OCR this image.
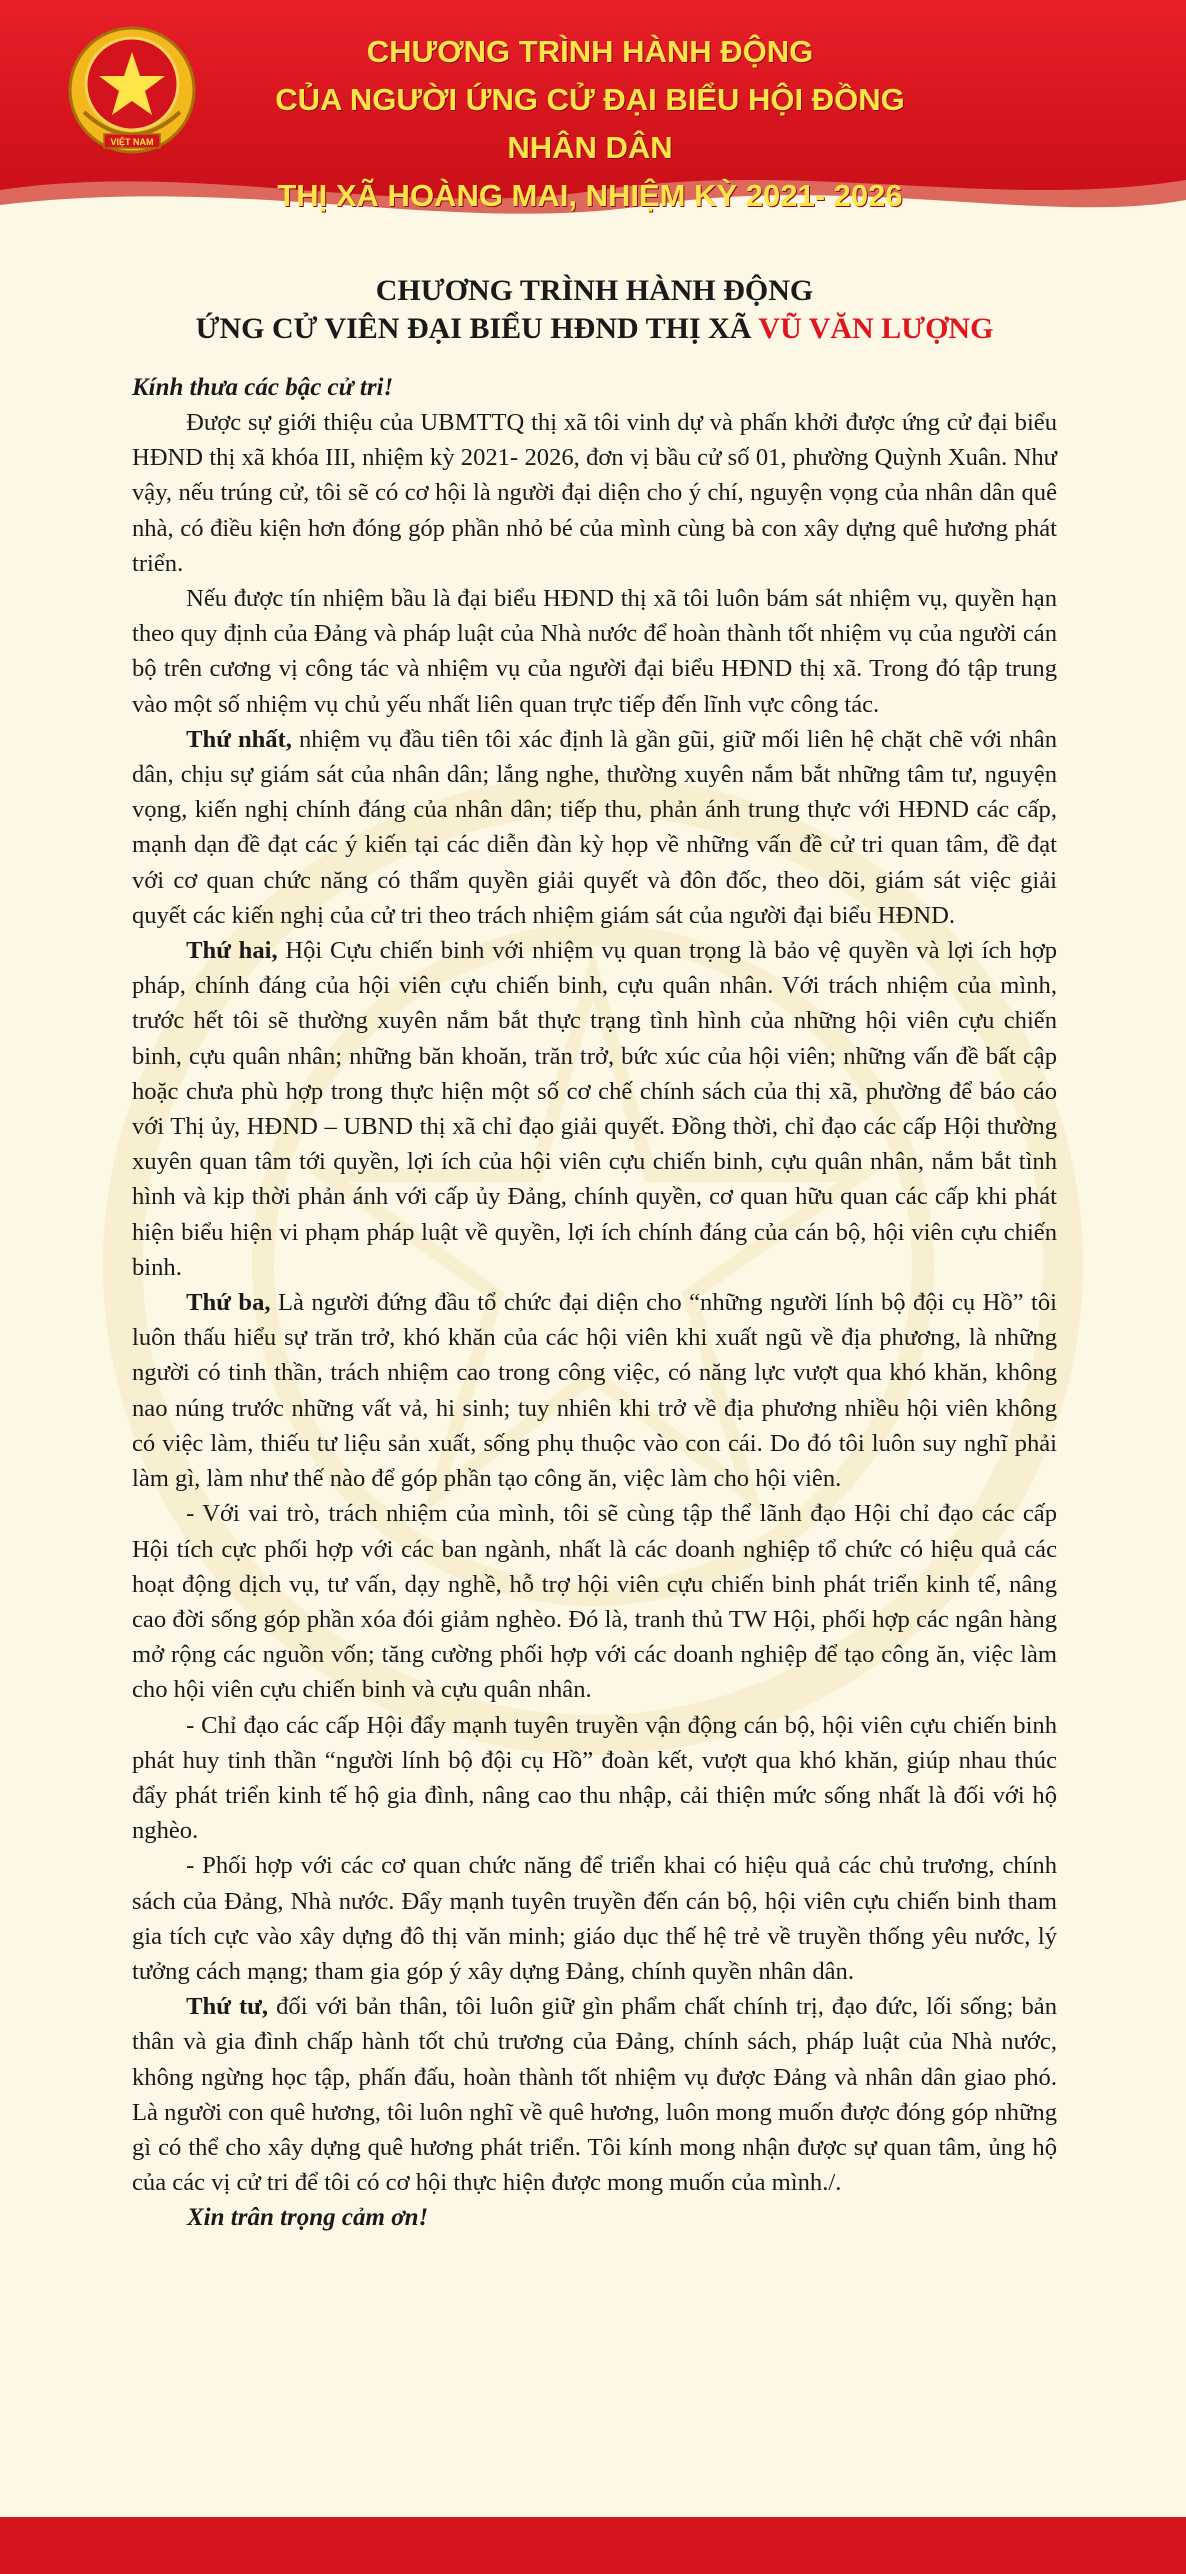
VIỆT NAM
CHƯƠNG TRÌNH HÀNH ĐỘNG
CỦA NGƯỜI ỨNG CỬ ĐẠI BIỂU HỘI ĐỒNG NHÂN DÂN
THỊ XÃ HOÀNG MAI, NHIỆM KỲ 2021- 2026
CHƯƠNG TRÌNH HÀNH ĐỘNG
ỨNG CỬ VIÊN ĐẠI BIỂU HĐND THỊ XÃ VŨ VĂN LƯỢNG

Kính thưa các bậc cử tri!

Được sự giới thiệu của UBMTTQ thị xã tôi vinh dự và phấn khởi được ứng cử đại biểu HĐND thị xã khóa III, nhiệm kỳ 2021- 2026, đơn vị bầu cử số 01, phường Quỳnh Xuân. Như vậy, nếu trúng cử, tôi sẽ có cơ hội là người đại diện cho ý chí, nguyện vọng của nhân dân quê nhà, có điều kiện hơn đóng góp phần nhỏ bé của mình cùng bà con xây dựng quê hương phát triển.

Nếu được tín nhiệm bầu là đại biểu HĐND thị xã tôi luôn bám sát nhiệm vụ, quyền hạn theo quy định của Đảng và pháp luật của Nhà nước để hoàn thành tốt nhiệm vụ của người cán bộ trên cương vị công tác và nhiệm vụ của người đại biểu HĐND thị xã. Trong đó tập trung vào một số nhiệm vụ chủ yếu nhất liên quan trực tiếp đến lĩnh vực công tác.

Thứ nhất, nhiệm vụ đầu tiên tôi xác định là gần gũi, giữ mối liên hệ chặt chẽ với nhân dân, chịu sự giám sát của nhân dân; lắng nghe, thường xuyên nắm bắt những tâm tư, nguyện vọng, kiến nghị chính đáng của nhân dân; tiếp thu, phản ánh trung thực với HĐND các cấp, mạnh dạn đề đạt các ý kiến tại các diễn đàn kỳ họp về những vấn đề cử tri quan tâm, đề đạt với cơ quan chức năng có thẩm quyền giải quyết và đôn đốc, theo dõi, giám sát việc giải quyết các kiến nghị của cử tri theo trách nhiệm giám sát của người đại biểu HĐND.

Thứ hai, Hội Cựu chiến binh với nhiệm vụ quan trọng là bảo vệ quyền và lợi ích hợp pháp, chính đáng của hội viên cựu chiến binh, cựu quân nhân. Với trách nhiệm của mình, trước hết tôi sẽ thường xuyên nắm bắt thực trạng tình hình của những hội viên cựu chiến binh, cựu quân nhân; những băn khoăn, trăn trở, bức xúc của hội viên; những vấn đề bất cập hoặc chưa phù hợp trong thực hiện một số cơ chế chính sách của thị xã, phường để báo cáo với Thị ủy, HĐND – UBND thị xã chỉ đạo giải quyết. Đồng thời, chỉ đạo các cấp Hội thường xuyên quan tâm tới quyền, lợi ích của hội viên cựu chiến binh, cựu quân nhân, nắm bắt tình hình và kịp thời phản ánh với cấp ủy Đảng, chính quyền, cơ quan hữu quan các cấp khi phát hiện biểu hiện vi phạm pháp luật về quyền, lợi ích chính đáng của cán bộ, hội viên cựu chiến binh.

Thứ ba, Là người đứng đầu tổ chức đại diện cho “những người lính bộ đội cụ Hồ” tôi luôn thấu hiểu sự trăn trở, khó khăn của các hội viên khi xuất ngũ về địa phương, là những người có tinh thần, trách nhiệm cao trong công việc, có năng lực vượt qua khó khăn, không nao núng trước những vất vả, hi sinh; tuy nhiên khi trở về địa phương nhiều hội viên không có việc làm, thiếu tư liệu sản xuất, sống phụ thuộc vào con cái. Do đó tôi luôn suy nghĩ phải làm gì, làm như thế nào để góp phần tạo công ăn, việc làm cho hội viên.

- Với vai trò, trách nhiệm của mình, tôi sẽ cùng tập thể lãnh đạo Hội chỉ đạo các cấp Hội tích cực phối hợp với các ban ngành, nhất là các doanh nghiệp tổ chức có hiệu quả các hoạt động dịch vụ, tư vấn, dạy nghề, hỗ trợ hội viên cựu chiến binh phát triển kinh tế, nâng cao đời sống góp phần xóa đói giảm nghèo. Đó là, tranh thủ TW Hội, phối hợp các ngân hàng mở rộng các nguồn vốn; tăng cường phối hợp với các doanh nghiệp để tạo công ăn, việc làm cho hội viên cựu chiến binh và cựu quân nhân.

- Chỉ đạo các cấp Hội đẩy mạnh tuyên truyền vận động cán bộ, hội viên cựu chiến binh phát huy tinh thần “người lính bộ đội cụ Hồ” đoàn kết, vượt qua khó khăn, giúp nhau thúc đẩy phát triển kinh tế hộ gia đình, nâng cao thu nhập, cải thiện mức sống nhất là đối với hộ nghèo.

- Phối hợp với các cơ quan chức năng để triển khai có hiệu quả các chủ trương, chính sách của Đảng, Nhà nước. Đẩy mạnh tuyên truyền đến cán bộ, hội viên cựu chiến binh tham gia tích cực vào xây dựng đô thị văn minh; giáo dục thế hệ trẻ về truyền thống yêu nước, lý tưởng cách mạng; tham gia góp ý xây dựng Đảng, chính quyền nhân dân.

Thứ tư, đối với bản thân, tôi luôn giữ gìn phẩm chất chính trị, đạo đức, lối sống; bản thân và gia đình chấp hành tốt chủ trương của Đảng, chính sách, pháp luật của Nhà nước, không ngừng học tập, phấn đấu, hoàn thành tốt nhiệm vụ được Đảng và nhân dân giao phó. Là người con quê hương, tôi luôn nghĩ về quê hương, luôn mong muốn được đóng góp những gì có thể cho xây dựng quê hương phát triển. Tôi kính mong nhận được sự quan tâm, ủng hộ của các vị cử tri để tôi có cơ hội thực hiện được mong muốn của mình./.

Xin trân trọng cảm ơn!
